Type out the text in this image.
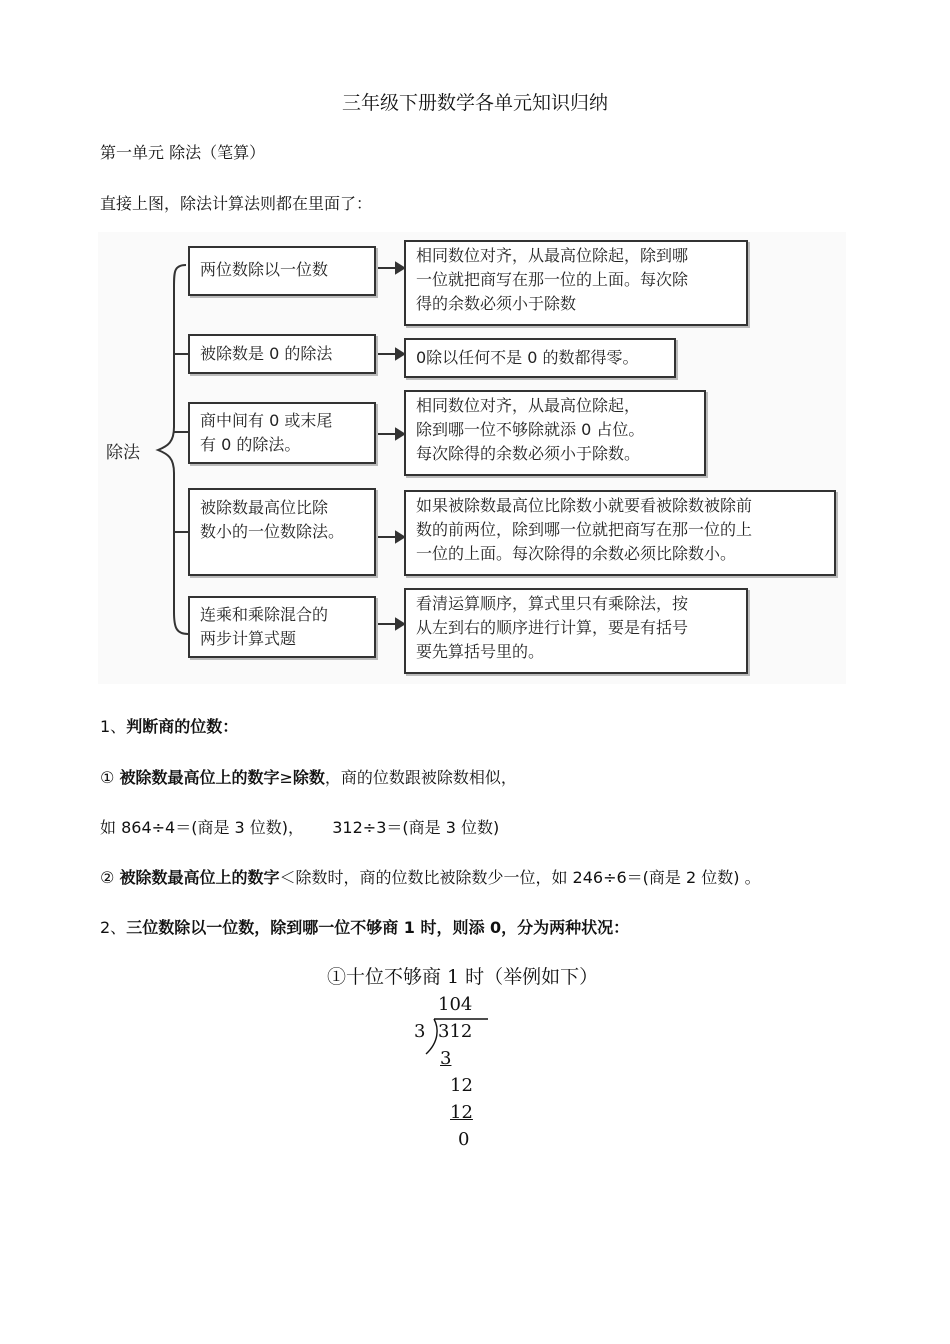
三年级下册数学各单元知识归纳
第一单元 除法（笔算）
直接上图，除法计算法则都在里面了：
除法
两位数除以一位数
相同数位对齐，从最高位除起，除到哪
一位就把商写在那一位的上面。每次除
得的余数必须小于除数
被除数是 0 的除法	0除以任何不是 0 的数都得零。
商中间有 0 或末尾
有 0 的除法。
相同数位对齐，从最高位除起，
除到哪一位不够除就添 0 占位。
每次除得的余数必须小于除数。
被除数最高位比除
数小的一位数除法。
如果被除数最高位比除数小就要看被除数被除前
数的前两位，除到哪一位就把商写在那一位的上
一位的上面。每次除得的余数必须比除数小。
连乘和乘除混合的
两步计算式题
看清运算顺序，算式里只有乘除法，按
从左到右的顺序进行计算，要是有括号
要先算括号里的。
1、判断商的位数：
① 被除数最高位上的数字≥除数，商的位数跟被除数相似，
如 864÷4＝(商是 3 位数)， 312÷3＝(商是 3 位数)
② 被除数最高位上的数字＜除数时，商的位数比被除数少一位，如 246÷6＝(商是 2 位数) 。
2、三位数除以一位数，除到哪一位不够商 1 时，则添 0，分为两种状况：
①十位不够商 1 时（举例如下）
104
3 312
3
12
12
0
